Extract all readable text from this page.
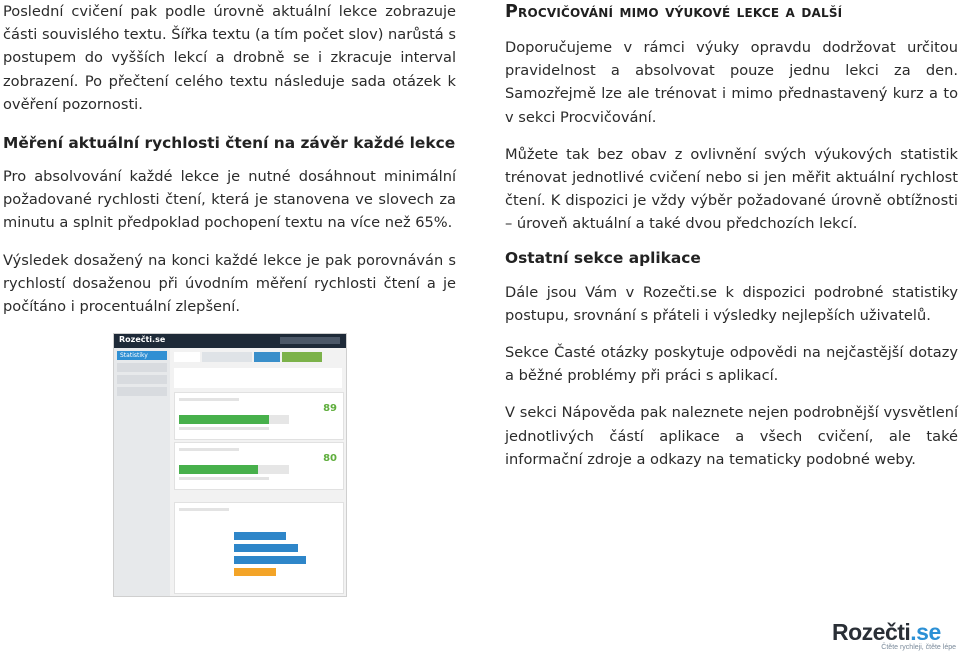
Poslední cvičení pak podle úrovně aktuální lekce zobrazuje části souvislého textu. Šířka textu (a tím počet slov) narůstá s postupem do vyšších lekcí a drobně se i zkracuje interval zobrazení. Po přečtení celého textu následuje sada otázek k ověření pozornosti.

Měření aktuální rychlosti čtení na závěr každé lekce

Pro absolvování každé lekce je nutné dosáhnout minimální požadované rychlosti čtení, která je stanovena ve slovech za minutu a splnit předpoklad pochopení textu na více než 65%.

Výsledek dosažený na konci každé lekce je pak porovnáván s rychlostí dosaženou při úvodním měření rychlosti čtení a je počítáno i procentuální zlepšení.

Rozečti.se
Statistiky
89
80
Procvičování mimo výukové lekce a další

Doporučujeme v rámci výuky opravdu dodržovat určitou pravidelnost a absolvovat pouze jednu lekci za den. Samozřejmě lze ale trénovat i mimo přednastavený kurz a to v sekci Procvičování.

Můžete tak bez obav z ovlivnění svých výukových statistik trénovat jednotlivé cvičení nebo si jen měřit aktuální rychlost čtení. K dispozici je vždy výběr požadované úrovně obtížnosti – úroveň aktuální a také dvou předchozích lekcí.

Ostatní sekce aplikace

Dále jsou Vám v Rozečti.se k dispozici podrobné statistiky postupu, srovnání s přáteli i výsledky nejlepších uživatelů.

Sekce Časté otázky poskytuje odpovědi na nejčastější dotazy a běžné problémy při práci s aplikací.

V sekci Nápověda pak naleznete nejen podrobnější vysvětlení jednotlivých částí aplikace a všech cvičení, ale také informační zdroje a odkazy na tematicky podobné weby.

Rozečti.se
Čtěte rychleji, čtěte lépe
